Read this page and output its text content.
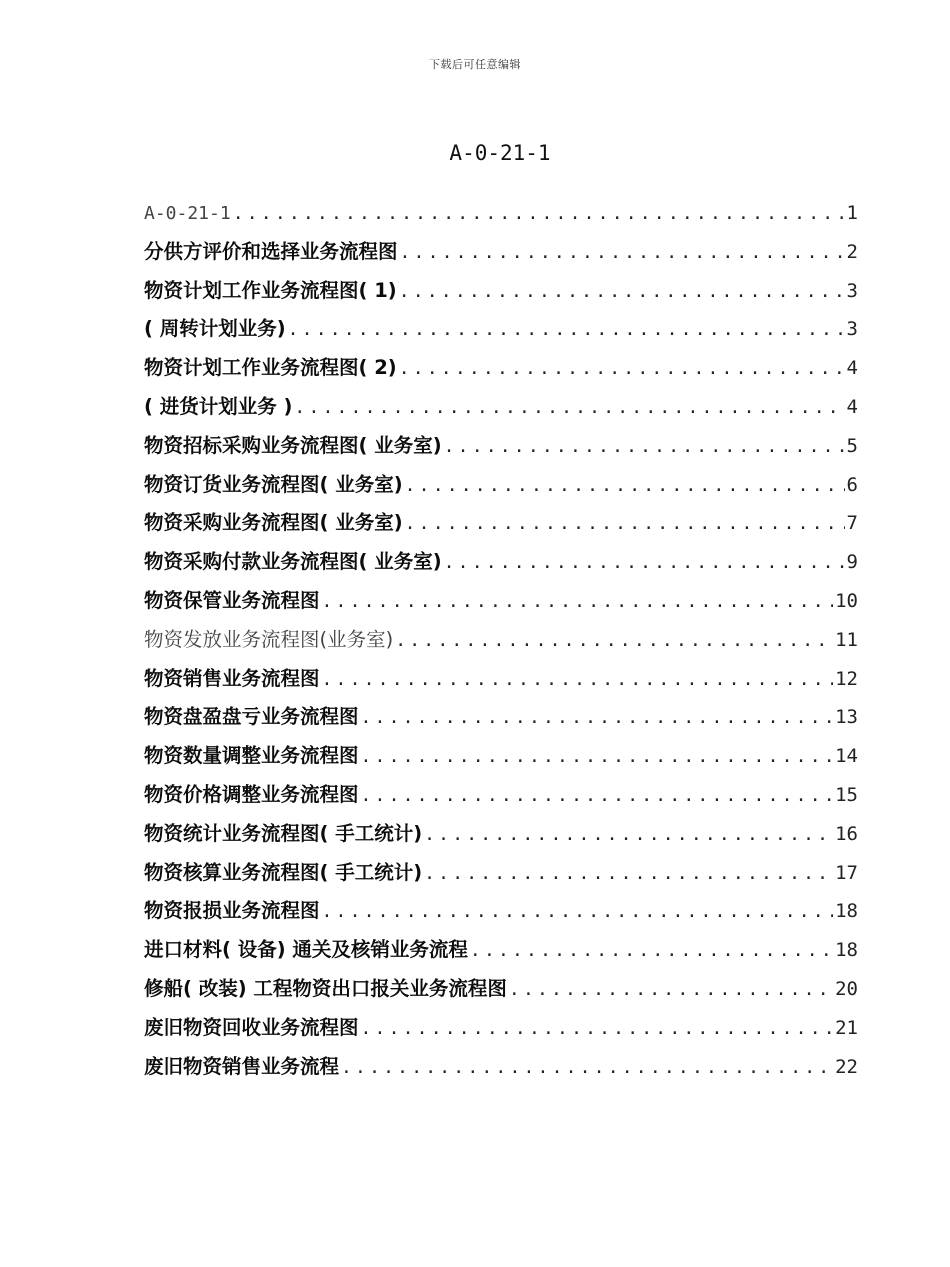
下载后可任意编辑
A-0-21-1
A-0-21-1 .....	1
分供方评价和选择业务流程图 .....	2
物资计划工作业务流程图( 1) .....	3
( 周转计划业务) .....	3
物资计划工作业务流程图( 2) .....	4
( 进货计划业务 ) .....	4
物资招标采购业务流程图( 业务室) .....	5
物资订货业务流程图( 业务室) .....	6
物资采购业务流程图( 业务室) .....	7
物资采购付款业务流程图( 业务室) .....	9
物资保管业务流程图 .....	10
物资发放业务流程图(业务室) .....	11
物资销售业务流程图 .....	12
物资盘盈盘亏业务流程图 .....	13
物资数量调整业务流程图 .....	14
物资价格调整业务流程图 .....	15
物资统计业务流程图( 手工统计) .....	16
物资核算业务流程图( 手工统计) .....	17
物资报损业务流程图 .....	18
进口材料( 设备) 通关及核销业务流程 .....	18
修船( 改装) 工程物资出口报关业务流程图 .....	20
废旧物资回收业务流程图 .....	21
废旧物资销售业务流程 .....	22
